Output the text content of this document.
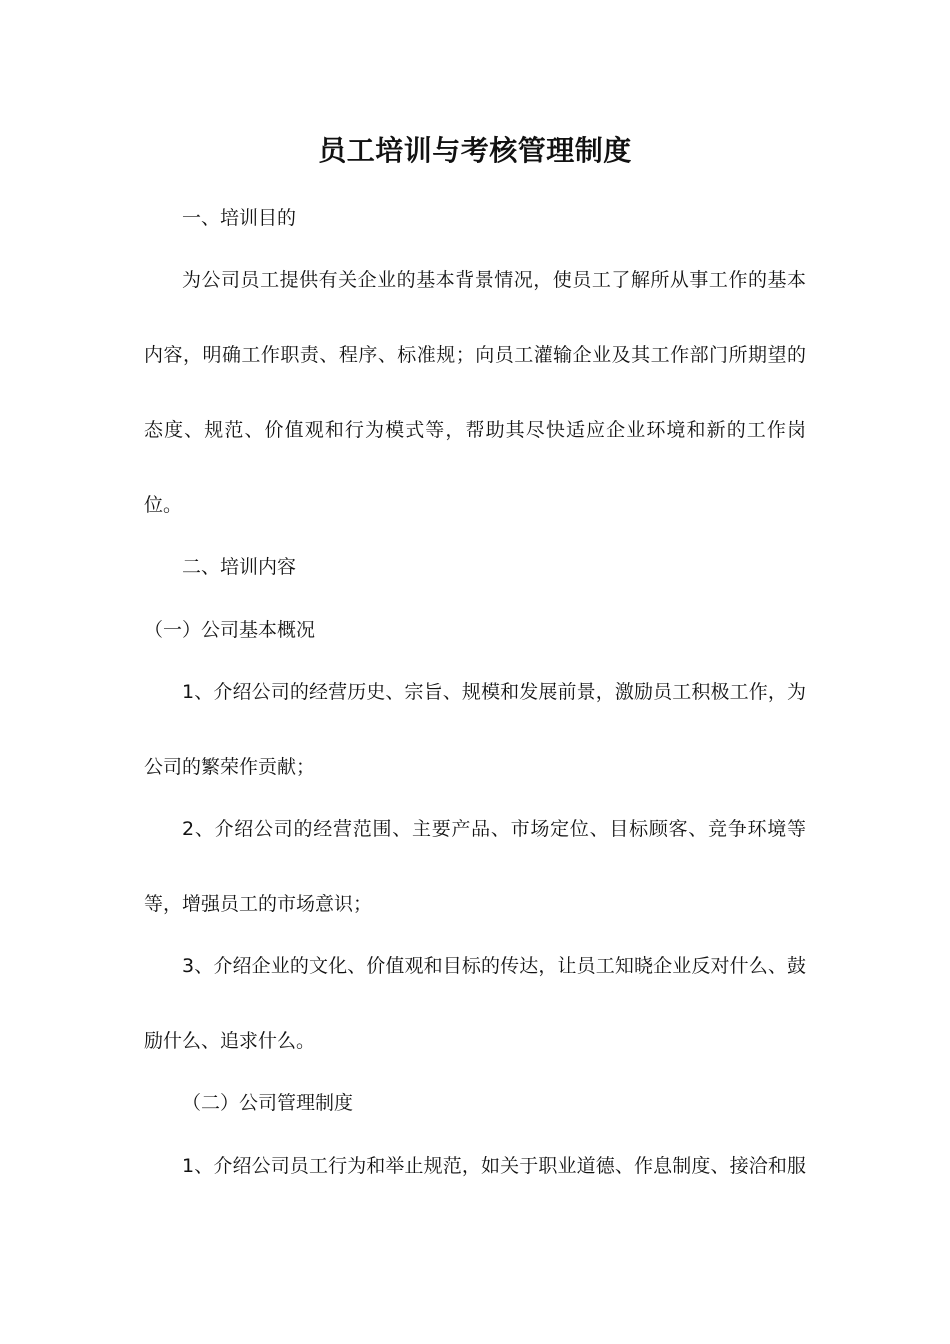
员工培训与考核管理制度
一、培训目的
为公司员工提供有关企业的基本背景情况，使员工了解所从事工作的基本
内容，明确工作职责、程序、标准规；向员工灌输企业及其工作部门所期望的
态度、规范、价值观和行为模式等，帮助其尽快适应企业环境和新的工作岗
位。
二、培训内容
（一）公司基本概况
1、介绍公司的经营历史、宗旨、规模和发展前景，激励员工积极工作，为
公司的繁荣作贡献；
2、介绍公司的经营范围、主要产品、市场定位、目标顾客、竞争环境等
等，增强员工的市场意识；
3、介绍企业的文化、价值观和目标的传达，让员工知晓企业反对什么、鼓
励什么、追求什么。
（二）公司管理制度
1、介绍公司员工行为和举止规范，如关于职业道德、作息制度、接洽和服
